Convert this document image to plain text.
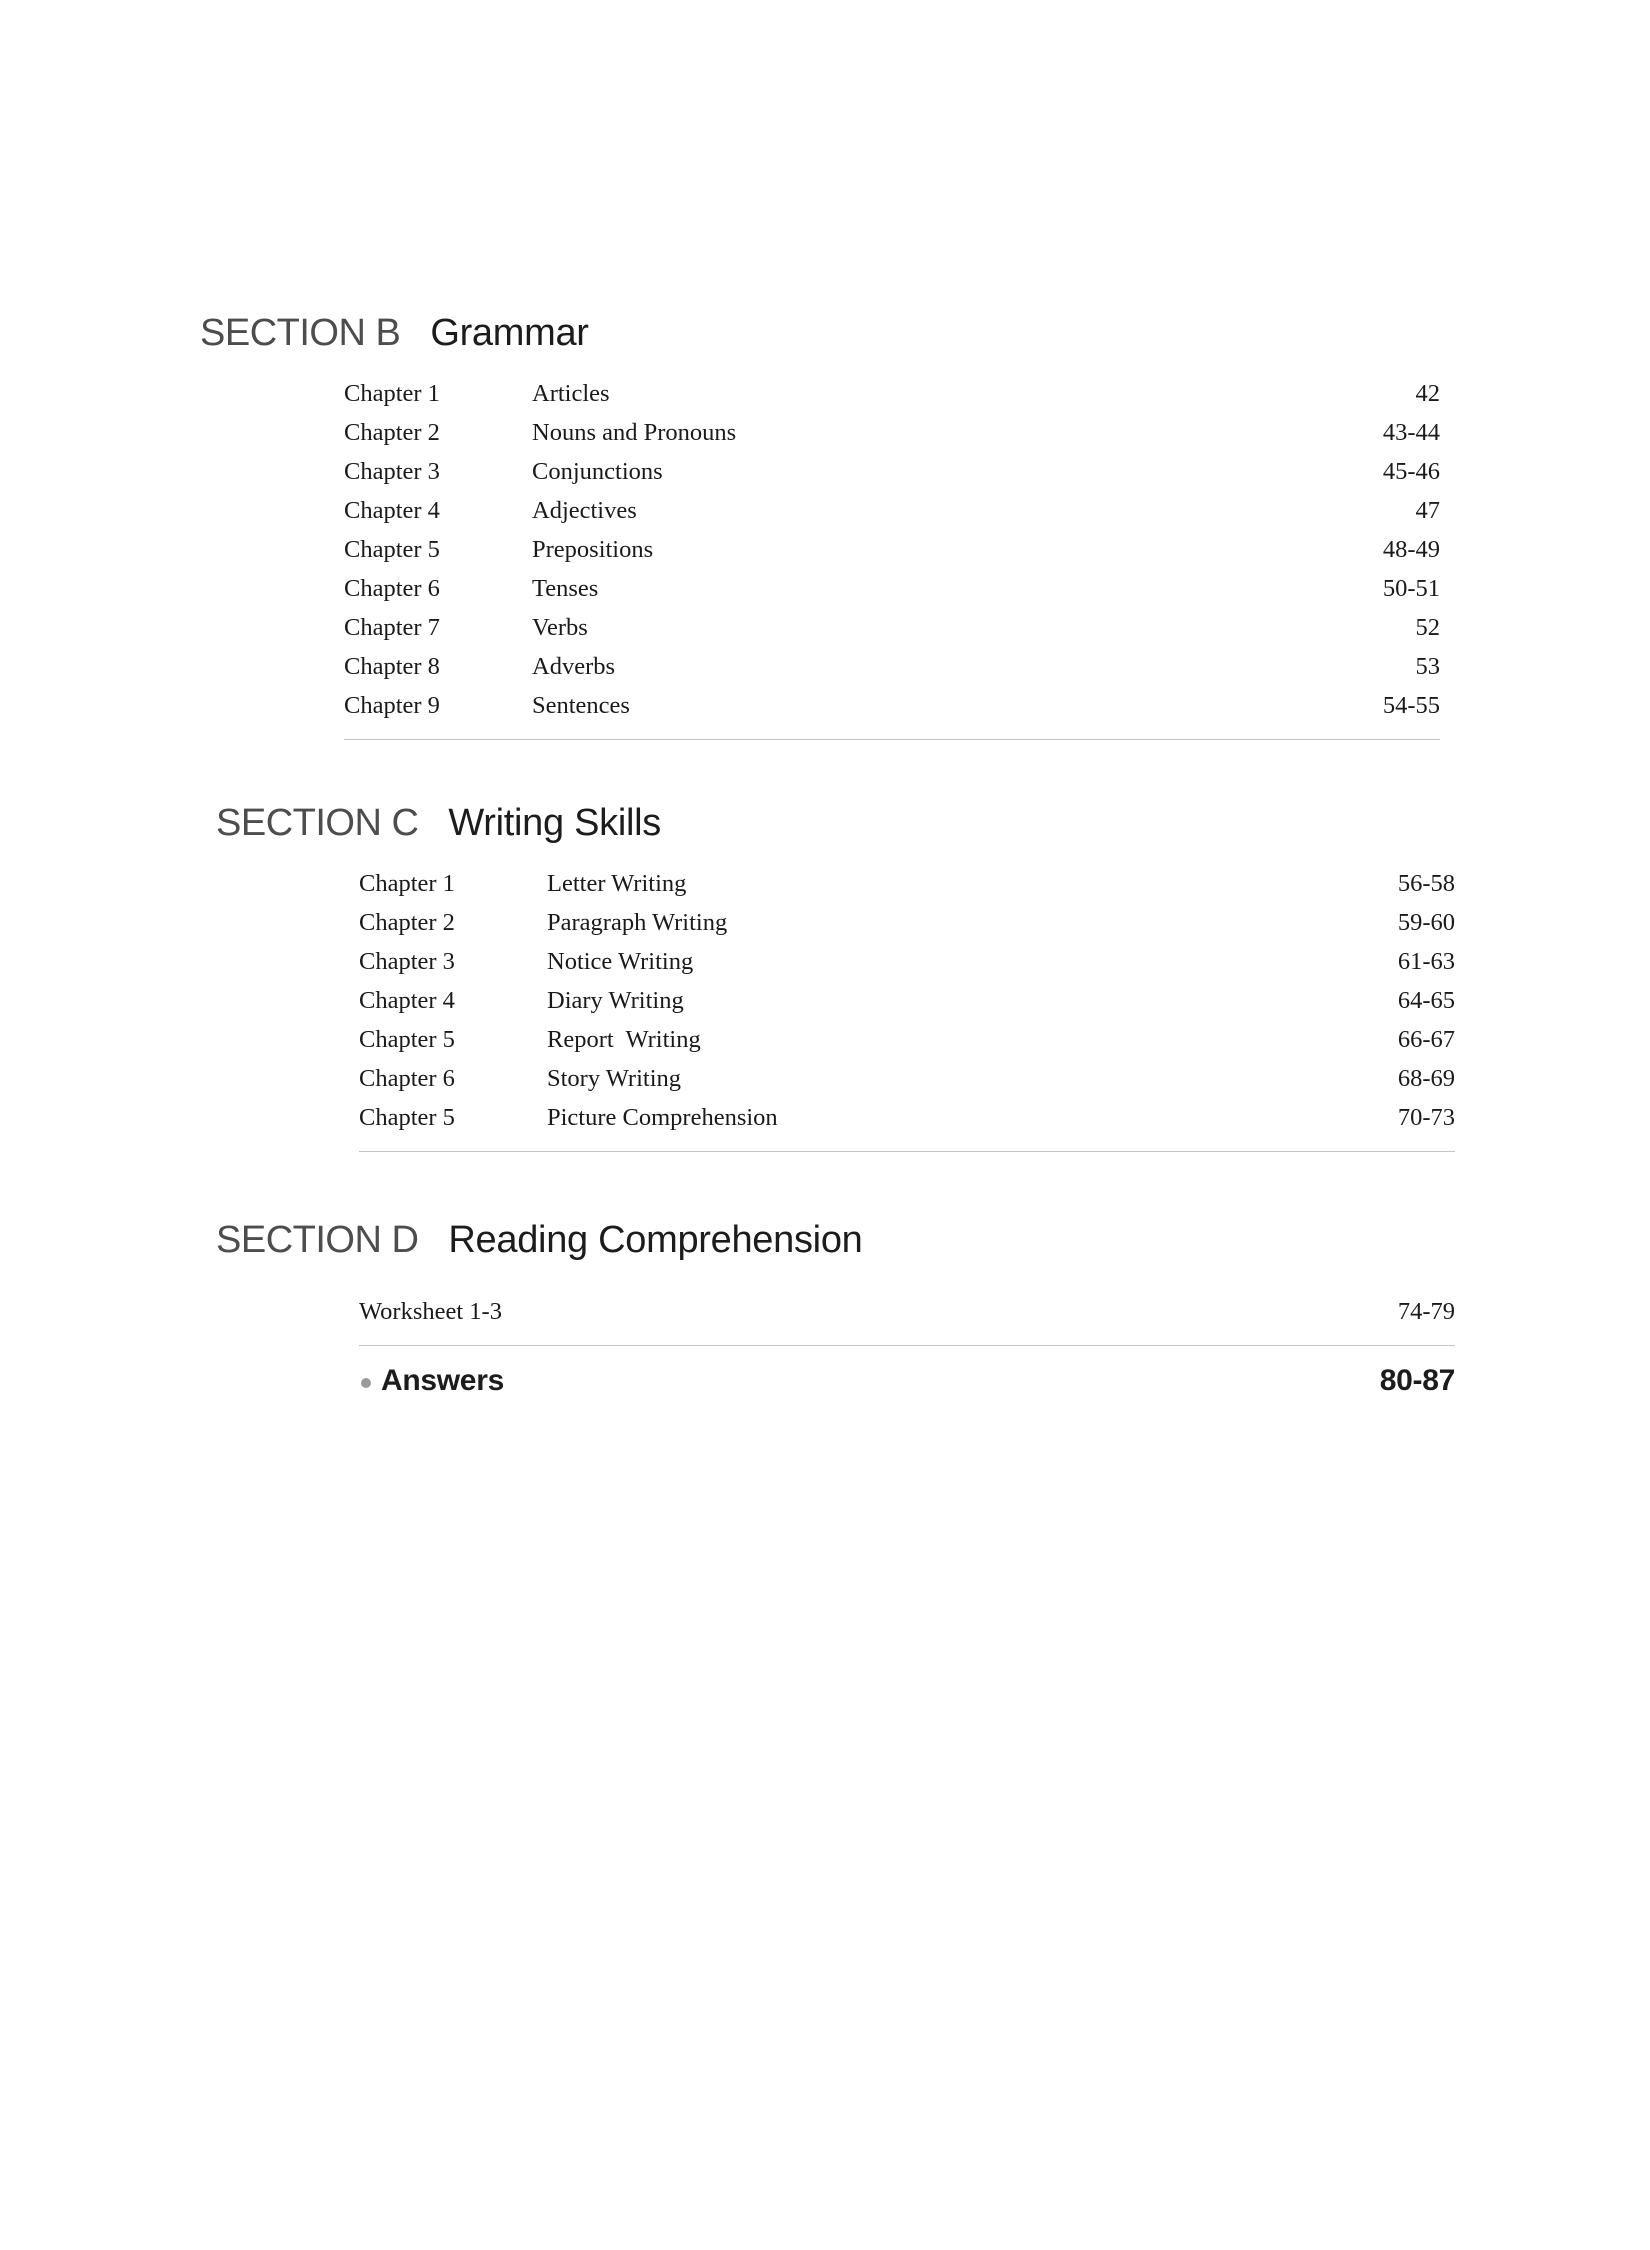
SECTION B Grammar
Chapter 1	Articles	42
Chapter 2	Nouns and Pronouns	43-44
Chapter 3	Conjunctions	45-46
Chapter 4	Adjectives	47
Chapter 5	Prepositions	48-49
Chapter 6	Tenses	50-51
Chapter 7	Verbs	52
Chapter 8	Adverbs	53
Chapter 9	Sentences	54-55
SECTION C Writing Skills
Chapter 1	Letter Writing	56-58
Chapter 2	Paragraph Writing	59-60
Chapter 3	Notice Writing	61-63
Chapter 4	Diary Writing	64-65
Chapter 5	Report  Writing	66-67
Chapter 6	Story Writing	68-69
Chapter 5	Picture Comprehension	70-73
SECTION D Reading Comprehension
Worksheet 1-3	74-79
Answers	80-87
